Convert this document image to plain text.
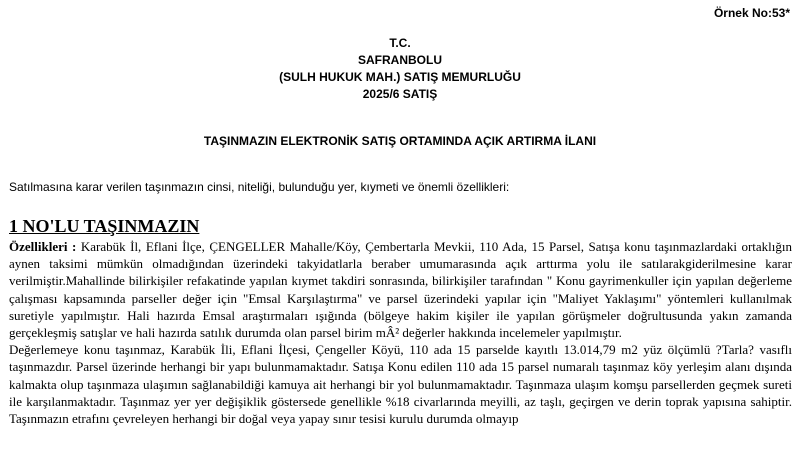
Örnek No:53*
T.C.
SAFRANBOLU
(SULH HUKUK MAH.) SATIŞ MEMURLUĞU
2025/6 SATIŞ
TAŞINMAZIN ELEKTRONİK SATIŞ ORTAMINDA AÇIK ARTIRMA İLANI
Satılmasına karar verilen taşınmazın cinsi, niteliği, bulunduğu yer, kıymeti ve önemli özellikleri:
1 NO'LU TAŞINMAZIN

Özellikleri : Karabük İl, Eflani İlçe, ÇENGELLER Mahalle/Köy, Çembertarla Mevkii, 110 Ada, 15 Parsel, Satışa konu taşınmazlardaki ortaklığın aynen taksimi mümkün olmadığından üzerindeki takyidatlarla beraber umumarasında açık arttırma yolu ile satılarakgiderilmesine karar verilmiştir.Mahallinde bilirkişiler refakatinde yapılan kıymet takdiri sonrasında, bilirkişiler tarafından " Konu gayrimenkuller için yapılan değerleme çalışması kapsamında parseller değer için "Emsal Karşılaştırma" ve parsel üzerindeki yapılar için "Maliyet Yaklaşımı" yöntemleri kullanılmak suretiyle yapılmıştır. Hali hazırda Emsal araştırmaları ışığında (bölgeye hakim kişiler ile yapılan görüşmeler doğrultusunda yakın zamanda gerçekleşmiş satışlar ve hali hazırda satılık durumda olan parsel birim mÂ² değerler hakkında incelemeler yapılmıştır.

Değerlemeye konu taşınmaz, Karabük İli, Eflani İlçesi, Çengeller Köyü, 110 ada 15 parselde kayıtlı 13.014,79 m2 yüz ölçümlü ?Tarla? vasıflı taşınmazdır. Parsel üzerinde herhangi bir yapı bulunmamaktadır. Satışa Konu edilen 110 ada 15 parsel numaralı taşınmaz köy yerleşim alanı dışında kalmakta olup taşınmaza ulaşımın sağlanabildiği kamuya ait herhangi bir yol bulunmamaktadır. Taşınmaza ulaşım komşu parsellerden geçmek sureti ile karşılanmaktadır. Taşınmaz yer yer değişiklik göstersede genellikle %18 civarlarında meyilli, az taşlı, geçirgen ve derin toprak yapısına sahiptir. Taşınmazın etrafını çevreleyen herhangi bir doğal veya yapay sınır tesisi kurulu durumda olmayıp
